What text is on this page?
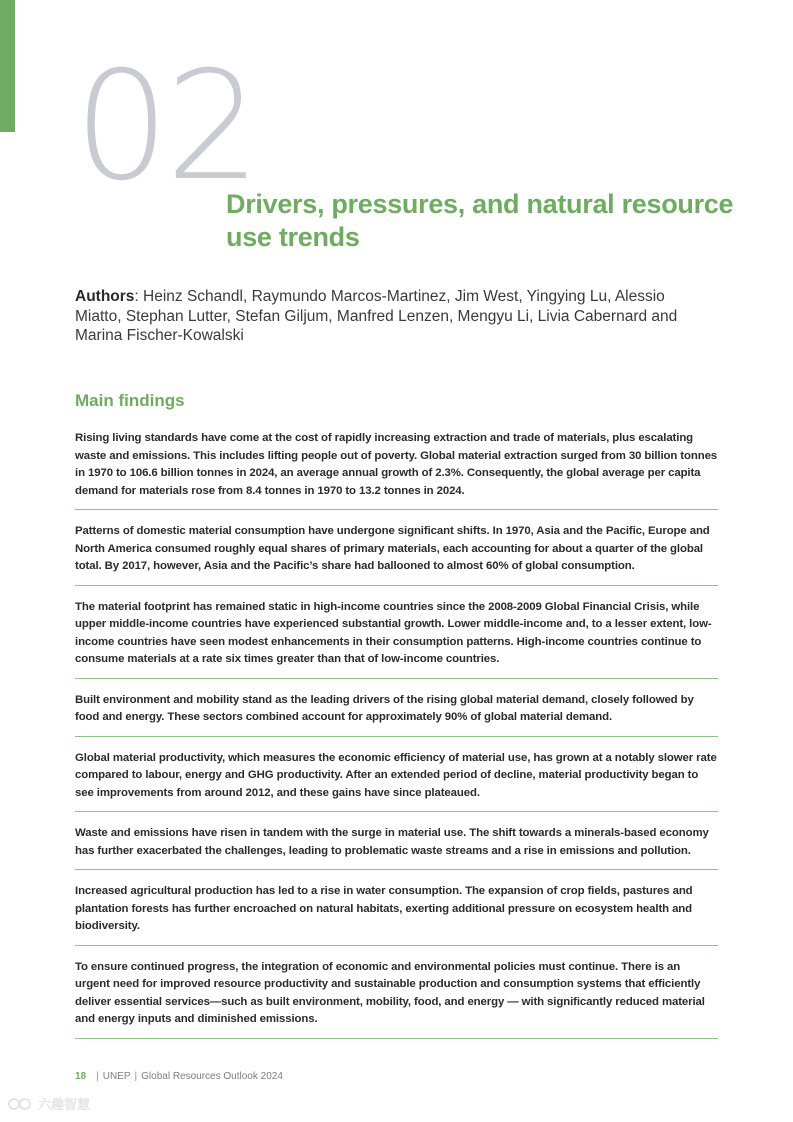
02
Drivers, pressures, and natural resource use trends
Authors: Heinz Schandl, Raymundo Marcos-Martinez, Jim West, Yingying Lu, Alessio Miatto, Stephan Lutter, Stefan Giljum, Manfred Lenzen, Mengyu Li, Livia Cabernard and Marina Fischer-Kowalski
Main findings
Rising living standards have come at the cost of rapidly increasing extraction and trade of materials, plus escalating waste and emissions. This includes lifting people out of poverty. Global material extraction surged from 30 billion tonnes in 1970 to 106.6 billion tonnes in 2024, an average annual growth of 2.3%. Consequently, the global average per capita demand for materials rose from 8.4 tonnes in 1970 to 13.2 tonnes in 2024.
Patterns of domestic material consumption have undergone significant shifts. In 1970, Asia and the Pacific, Europe and North America consumed roughly equal shares of primary materials, each accounting for about a quarter of the global total. By 2017, however, Asia and the Pacific’s share had ballooned to almost 60% of global consumption.
The material footprint has remained static in high-income countries since the 2008-2009 Global Financial Crisis, while upper middle-income countries have experienced substantial growth. Lower middle-income and, to a lesser extent, low-income countries have seen modest enhancements in their consumption patterns. High-income countries continue to consume materials at a rate six times greater than that of low-income countries.
Built environment and mobility stand as the leading drivers of the rising global material demand, closely followed by food and energy. These sectors combined account for approximately 90% of global material demand.
Global material productivity, which measures the economic efficiency of material use, has grown at a notably slower rate compared to labour, energy and GHG productivity. After an extended period of decline, material productivity began to see improvements from around 2012, and these gains have since plateaued.
Waste and emissions have risen in tandem with the surge in material use. The shift towards a minerals-based economy has further exacerbated the challenges, leading to problematic waste streams and a rise in emissions and pollution.
Increased agricultural production has led to a rise in water consumption. The expansion of crop fields, pastures and plantation forests has further encroached on natural habitats, exerting additional pressure on ecosystem health and biodiversity.
To ensure continued progress, the integration of economic and environmental policies must continue. There is an urgent need for improved resource productivity and sustainable production and consumption systems that efficiently deliver essential services—such as built environment, mobility, food, and energy — with significantly reduced material and energy inputs and diminished emissions.
18 | UNEP | Global Resources Outlook 2024
六趣智慧
